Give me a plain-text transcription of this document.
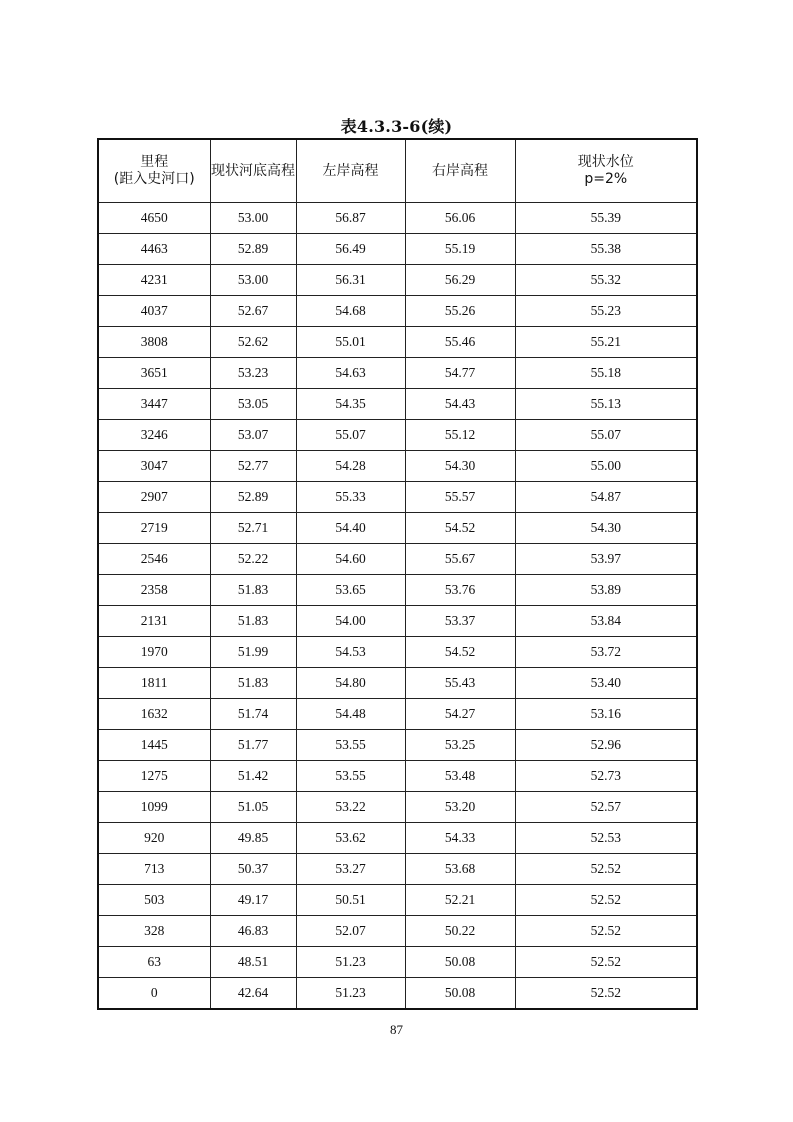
表4.3.3-6(续)
里程
(距入史河口)	现状河底高程	左岸高程	右岸高程	现状水位
p=2%

4650	53.00	56.87	56.06	55.39
4463	52.89	56.49	55.19	55.38
4231	53.00	56.31	56.29	55.32
4037	52.67	54.68	55.26	55.23
3808	52.62	55.01	55.46	55.21
3651	53.23	54.63	54.77	55.18
3447	53.05	54.35	54.43	55.13
3246	53.07	55.07	55.12	55.07
3047	52.77	54.28	54.30	55.00
2907	52.89	55.33	55.57	54.87
2719	52.71	54.40	54.52	54.30
2546	52.22	54.60	55.67	53.97
2358	51.83	53.65	53.76	53.89
2131	51.83	54.00	53.37	53.84
1970	51.99	54.53	54.52	53.72
1811	51.83	54.80	55.43	53.40
1632	51.74	54.48	54.27	53.16
1445	51.77	53.55	53.25	52.96
1275	51.42	53.55	53.48	52.73
1099	51.05	53.22	53.20	52.57
920	49.85	53.62	54.33	52.53
713	50.37	53.27	53.68	52.52
503	49.17	50.51	52.21	52.52
328	46.83	52.07	50.22	52.52
63	48.51	51.23	50.08	52.52
0	42.64	51.23	50.08	52.52
87
